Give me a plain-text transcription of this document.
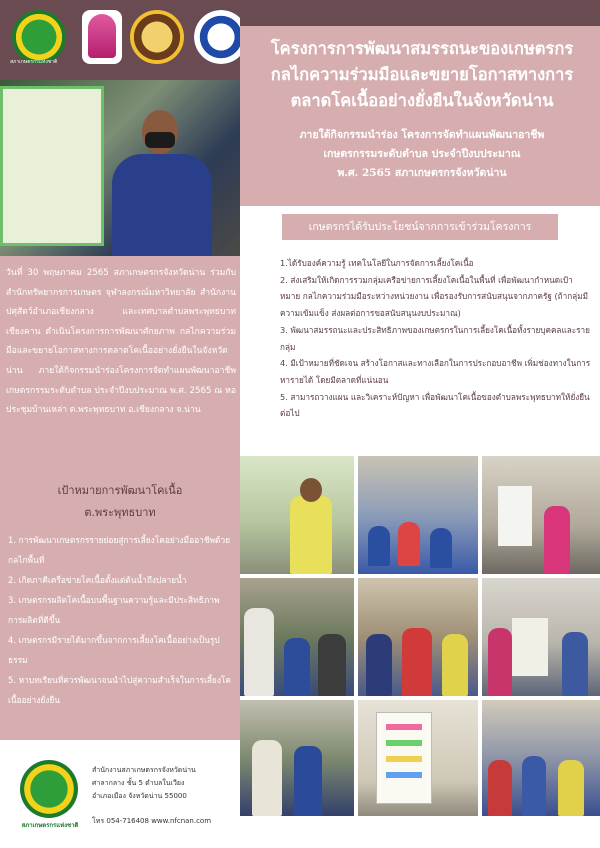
สภาเกษตรกรแห่งชาติ
โครงการการพัฒนาสมรรถนะของเกษตรกร
กลไกความร่วมมือและขยายโอกาสทางการ
ตลาดโคเนื้ออย่างยั่งยืนในจังหวัดน่าน
ภายใต้กิจกรรมนำร่อง โครงการจัดทำแผนพัฒนาอาชีพ
เกษตรกรรมระดับตำบล ประจำปีงบประมาณ
พ.ศ. 2565 สภาเกษตรกรจังหวัดน่าน
วันที่ 30 พฤษภาคม 2565 สภาเกษตรกรจังหวัดน่าน ร่วมกับสำนักทรัพยากรการเกษตร จุฬาลงกรณ์มหาวิทยาลัย สำนักงานปศุสัตว์อำเภอเชียงกลาง และเทศบาลตำบลพระพุทธบาทเชียงคาน ดำเนินโครงการการพัฒนาศักยภาพ กลไกความร่วมมือและขยายโอกาสทางการตลาดโคเนื้ออย่างยั่งยืนในจังหวัดน่าน ภายใต้กิจกรรมนำร่องโครงการจัดทำแผนพัฒนาอาชีพเกษตรกรรมระดับตำบล ประจำปีงบประมาณ พ.ศ. 2565 ณ หอประชุมบ้านเหล่า ต.พระพุทธบาท อ.เชียงกลาง จ.น่าน
เป้าหมายการพัฒนาโคเนื้อ
ต.พระพุทธบาท
1. การพัฒนาเกษตรกรรายย่อยสู่การเลี้ยงโคอย่างมืออาชีพด้วยกลไกพื้นที่
2. เกิดภาคีเครือข่ายโคเนื้อตั้งแต่ต้นน้ำถึงปลายน้ำ
3. เกษตรกรผลิตโคเนื้อบนพื้นฐานความรู้และมีประสิทธิภาพการผลิตที่ดีขึ้น
4. เกษตรกรมีรายได้มากขึ้นจากการเลี้ยงโคเนื้ออย่างเป็นรูปธรรม
5. หาบทเรียนที่ควรพัฒนาจนนำไปสู่ความสำเร็จในการเลี้ยงโคเนื้ออย่างยั่งยืน
เกษตรกรได้รับประโยชน์จากการเข้าร่วมโครงการ
1.ได้รับองค์ความรู้ เทคโนโลยีในการจัดการเลี้ยงโคเนื้อ
2. ส่งเสริมให้เกิดการรวมกลุ่มเครือข่ายการเลี้ยงโคเนื้อในพื้นที่ เพื่อพัฒนากำหนดเป้าหมาย กลไกความร่วมมือระหว่างหน่วยงาน เพื่อรองรับการสนับสนุนจากภาครัฐ (ถ้ากลุ่มมีความเข้มแข็ง ส่งผลต่อการขอสนับสนุนงบประมาณ)
3. พัฒนาสมรรถนะและประสิทธิภาพของเกษตรกรในการเลี้ยงโคเนื้อทั้งรายบุคคลและรายกลุ่ม
4. มีเป้าหมายที่ชัดเจน สร้างโอกาสและทางเลือกในการประกอบอาชีพ เพิ่มช่องทางในการหารายได้ โดยมีตลาดที่แน่นอน
5. สามารถวางแผน และวิเคราะห์ปัญหา เพื่อพัฒนาโคเนื้อของตำบลพระพุทธบาทให้ยั่งยืนต่อไป
สภาเกษตรกรแห่งชาติ
สำนักงานสภาเกษตรกรจังหวัดน่าน
ศาลากลาง ชั้น 5 ตำบลในเวียง
อำเภอเมือง จังหวัดน่าน 55000
โทร 054-716408 www.nfcnan.com
